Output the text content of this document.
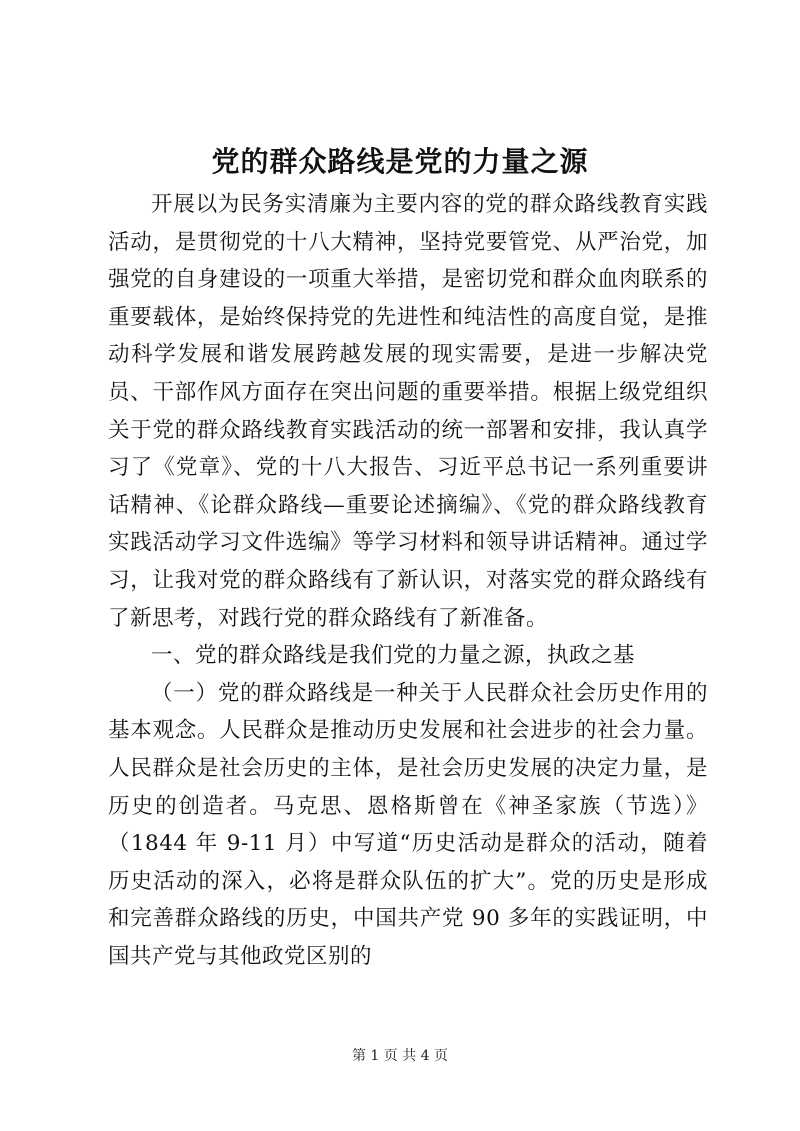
党的群众路线是党的力量之源

开展以为民务实清廉为主要内容的党的群众路线教育实践活动，是贯彻党的十八大精神，坚持党要管党、从严治党，加强党的自身建设的一项重大举措，是密切党和群众血肉联系的重要载体，是始终保持党的先进性和纯洁性的高度自觉，是推动科学发展和谐发展跨越发展的现实需要，是进一步解决党员、干部作风方面存在突出问题的重要举措。根据上级党组织关于党的群众路线教育实践活动的统一部署和安排，我认真学习了《党章》、党的十八大报告、习近平总书记一系列重要讲话精神、《论群众路线—重要论述摘编》、《党的群众路线教育实践活动学习文件选编》等学习材料和领导讲话精神。通过学习，让我对党的群众路线有了新认识，对落实党的群众路线有了新思考，对践行党的群众路线有了新准备。

一、党的群众路线是我们党的力量之源，执政之基

（一）党的群众路线是一种关于人民群众社会历史作用的基本观念。人民群众是推动历史发展和社会进步的社会力量。人民群众是社会历史的主体，是社会历史发展的决定力量，是历史的创造者。马克思、恩格斯曾在《神圣家族（节选）》（1844 年 9-11 月）中写道“历史活动是群众的活动，随着历史活动的深入，必将是群众队伍的扩大”。党的历史是形成和完善群众路线的历史，中国共产党 90 多年的实践证明，中国共产党与其他政党区别的

第 1 页 共 4 页
